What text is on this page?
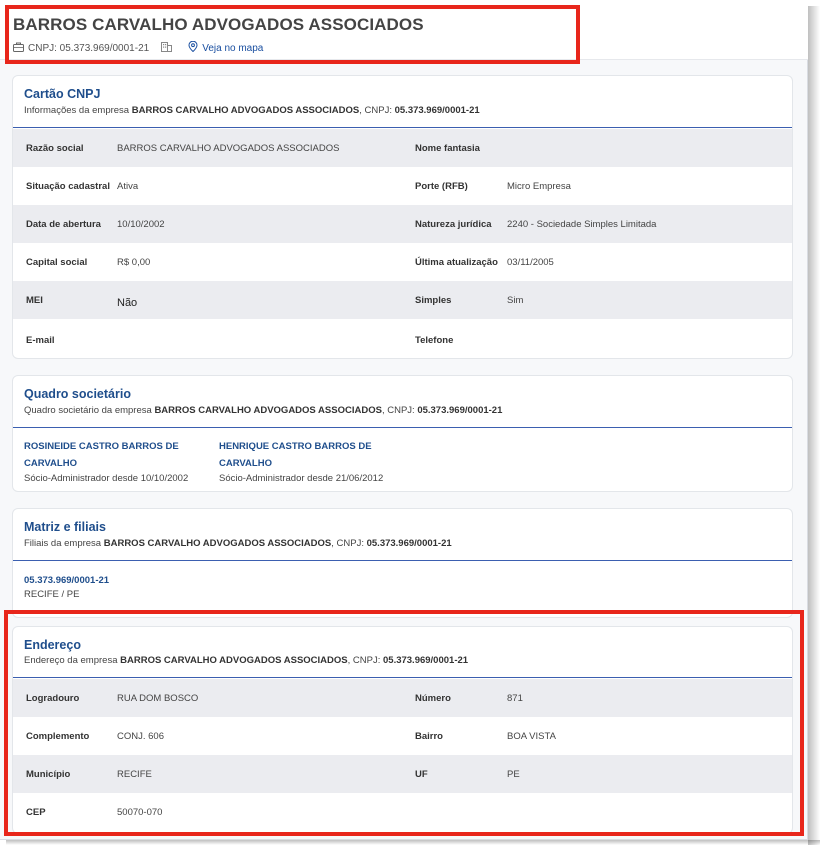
BARROS CARVALHO ADVOGADOS ASSOCIADOS
CNPJ: 05.373.969/0001-21	Veja no mapa
Cartão CNPJ
Informações da empresa BARROS CARVALHO ADVOGADOS ASSOCIADOS, CNPJ: 05.373.969/0001-21
Razão social	BARROS CARVALHO ADVOGADOS ASSOCIADOS	Nome fantasia
Situação cadastral Ativa	Porte (RFB)	Micro Empresa
Data de abertura 10/10/2002	Natureza jurídica 2240 - Sociedade Simples Limitada
Capital social	R$ 0,00	Última atualização 03/11/2005
MEI	Não	Simples	Sim
E-mail	Telefone
Quadro societário
Quadro societário da empresa BARROS CARVALHO ADVOGADOS ASSOCIADOS, CNPJ: 05.373.969/0001-21
ROSINEIDE CASTRO BARROS DE CARVALHO
Sócio-Administrador desde 10/10/2002
HENRIQUE CASTRO BARROS DE CARVALHO
Sócio-Administrador desde 21/06/2012
Matriz e filiais
Filiais da empresa BARROS CARVALHO ADVOGADOS ASSOCIADOS, CNPJ: 05.373.969/0001-21
05.373.969/0001-21
RECIFE / PE
Endereço
Endereço da empresa BARROS CARVALHO ADVOGADOS ASSOCIADOS, CNPJ: 05.373.969/0001-21
Logradouro	RUA DOM BOSCO	Número	871
Complemento	CONJ. 606	Bairro	BOA VISTA
Município	RECIFE	UF	PE
CEP	50070-070
